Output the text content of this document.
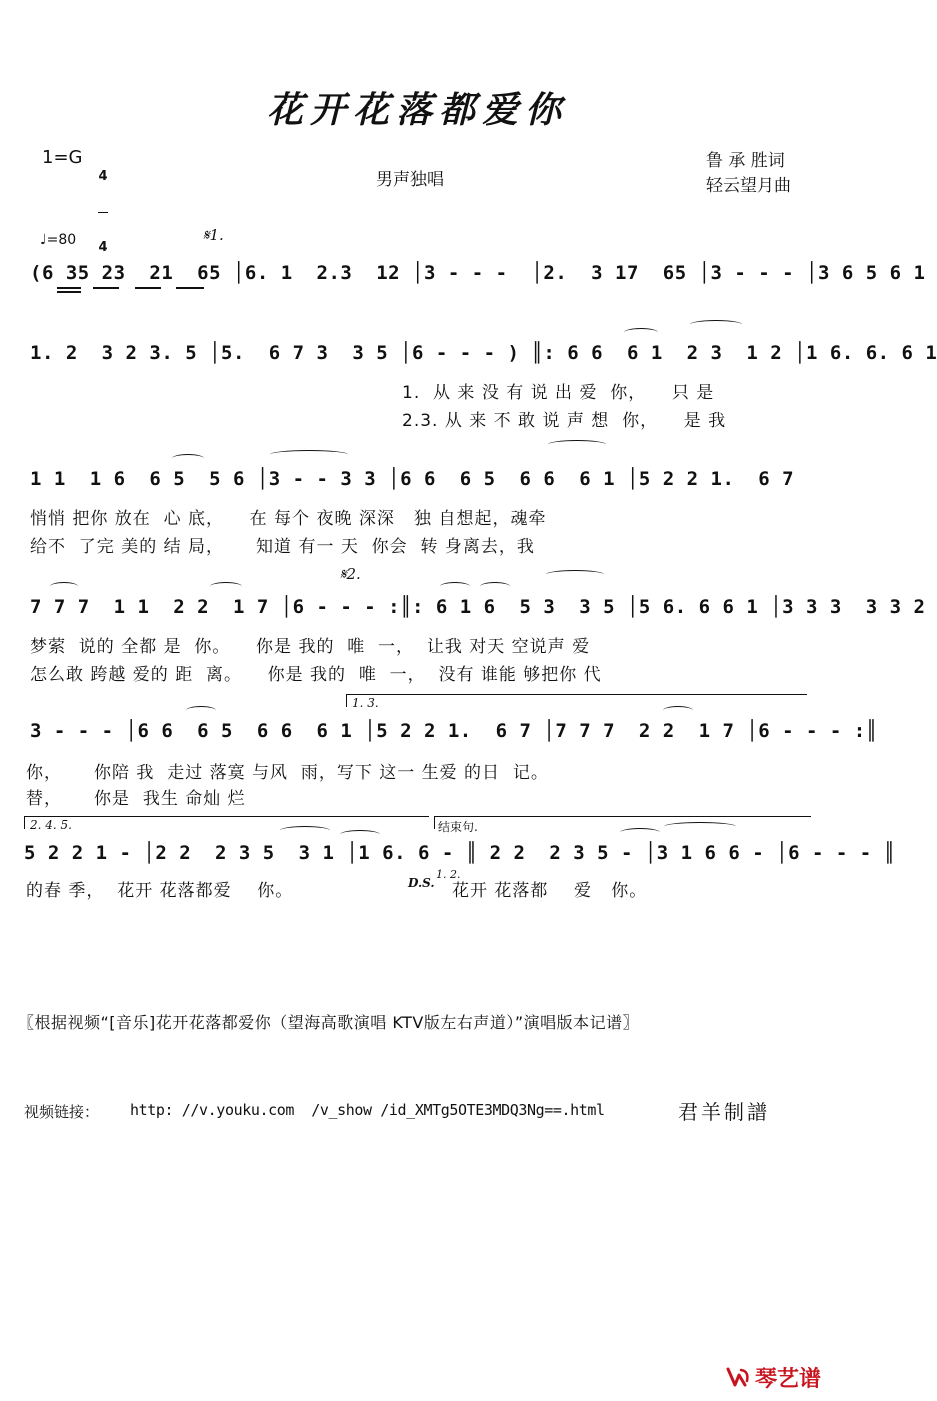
花开花落都爱你
1=G

4

4

男声独唱
鲁 承 胜词
轻云望月曲
♩=80	𝄋1.
𝄋2.
(6 35 23  21  65 │6. 1  2.3  12 │3 - - -  │2.  3 17  65 │3 - - - │3 6 5 6 1
1. 2  3 2 3. 5 │5.  6 7 3  3 5 │6 - - - ) ║: 6 6  6 1  2 3  1 2 │1 6. 6. 6 1
1.  从 来 没 有 说 出 爱  你，    只 是
2.3. 从 来 不 敢 说 声 想  你，    是 我
1 1  1 6  6 5  5 6 │3 - - 3 3 │6 6  6 5  6 6  6 1 │5 2 2 1.  6 7
悄悄 把你 放在  心 底，    在 每个 夜晚 深深   独 自想起，魂牵
给不  了完 美的 结 局，     知道 有一 天  你会  转 身离去，我
7 7 7  1 1  2 2  1 7 │6 - - - :║: 6 1 6  5 3  3 5 │5 6. 6 6 1 │3 3 3  3 3 2
梦萦  说的 全都 是  你。    你是 我的  唯  一，  让我 对天 空说声 爱
怎么敢 跨越 爱的 距  离。    你是 我的  唯  一，  没有 谁能 够把你 代
1. 3.
3 - - - │6 6  6 5  6 6  6 1 │5 2 2 1.  6 7 │7 7 7  2 2  1 7 │6 - - - :║
你，     你陪 我  走过 落寞 与风  雨，写下 这一 生爱 的日  记。
替，     你是  我生 命灿 烂
2. 4. 5.	结束句.
5 2 2 1 - │2 2  2 3 5  3 1 │1 6. 6 - ║ 2 2  2 3 5 - │3 1 6 6 - │6 - - - ║
的春 季，  花开 花落都爱    你。	D.S.
1. 2.
花开 花落都    爱   你。
〖根据视频“[音乐]花开花落都爱你（望海高歌演唱 KTV版左右声道）”演唱版本记谱〗
视频链接： http: //v.youku.com  /v_show /id_XMTg5OTE3MDQ3Ng==.html	君羊制譜
琴艺谱
